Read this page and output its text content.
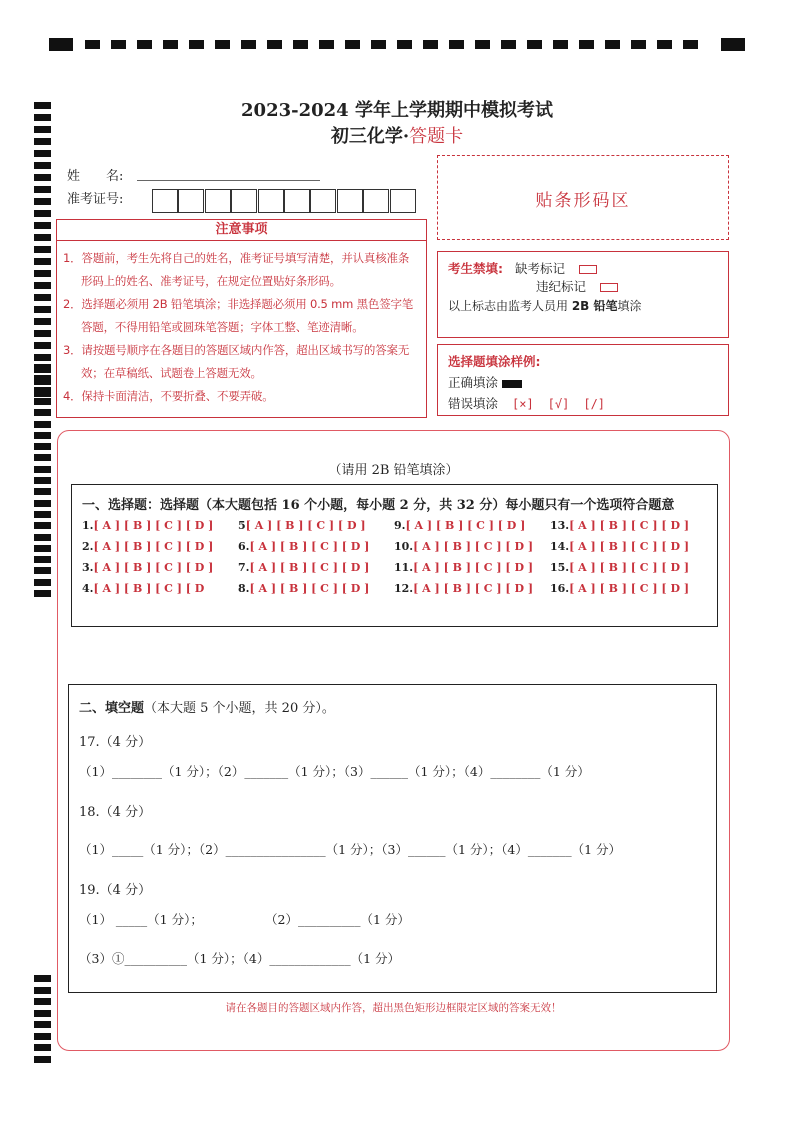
2023-2024 学年上学期期中模拟考试
初三化学·答题卡
姓　　名:
准考证号:	贴条形码区
注意事项

1．答题前，考生先将自己的姓名，准考证号填写清楚，并认真核准条形码上的姓名、准考证号，在规定位置贴好条形码。

2．选择题必须用 2B 铅笔填涂；非选择题必须用 0.5 mm 黑色签字笔答题，不得用铅笔或圆珠笔答题；字体工整、笔迹清晰。

3．请按题号顺序在各题目的答题区域内作答，超出区域书写的答案无效；在草稿纸、试题卷上答题无效。

4．保持卡面清洁，不要折叠、不要弄破。

考生禁填: 缺考标记
违纪标记
以上标志由监考人员用 2B 铅笔填涂
选择题填涂样例:
正确填涂
错误填涂 [×] [√] [/]
（请用 2B 铅笔填涂）
一、选择题：选择题（本大题包括 16 个小题，每小题 2 分，共 32 分）每小题只有一个选项符合题意
1.[ A ] [ B ] [ C ] [ D ]
2.[ A ] [ B ] [ C ] [ D ]
3.[ A ] [ B ] [ C ] [ D ]
4.[ A ] [ B ] [ C ] [ D
5[ A ] [ B ] [ C ] [ D ]
6.[ A ] [ B ] [ C ] [ D ]
7.[ A ] [ B ] [ C ] [ D ]
8.[ A ] [ B ] [ C ] [ D ]
9.[ A ] [ B ] [ C ] [ D ]
10.[ A ] [ B ] [ C ] [ D ]
11.[ A ] [ B ] [ C ] [ D ]
12.[ A ] [ B ] [ C ] [ D ]
13.[ A ] [ B ] [ C ] [ D ]
14.[ A ] [ B ] [ C ] [ D ]
15.[ A ] [ B ] [ C ] [ D ]
16.[ A ] [ B ] [ C ] [ D ]
二、填空题（本大题 5 个小题，共 20 分）。
17.（4 分）
（1）________（1 分）；（2）_______（1 分）；（3）______（1 分）；（4）________（1 分）
18.（4 分）
（1）_____（1 分）；（2）________________（1 分）；（3）______（1 分）；（4）_______（1 分）
19.（4 分）
（1） _____（1 分）；	（2）__________（1 分）
（3）①__________（1 分）；（4）_____________（1 分）
请在各题目的答题区域内作答，超出黑色矩形边框限定区域的答案无效！
